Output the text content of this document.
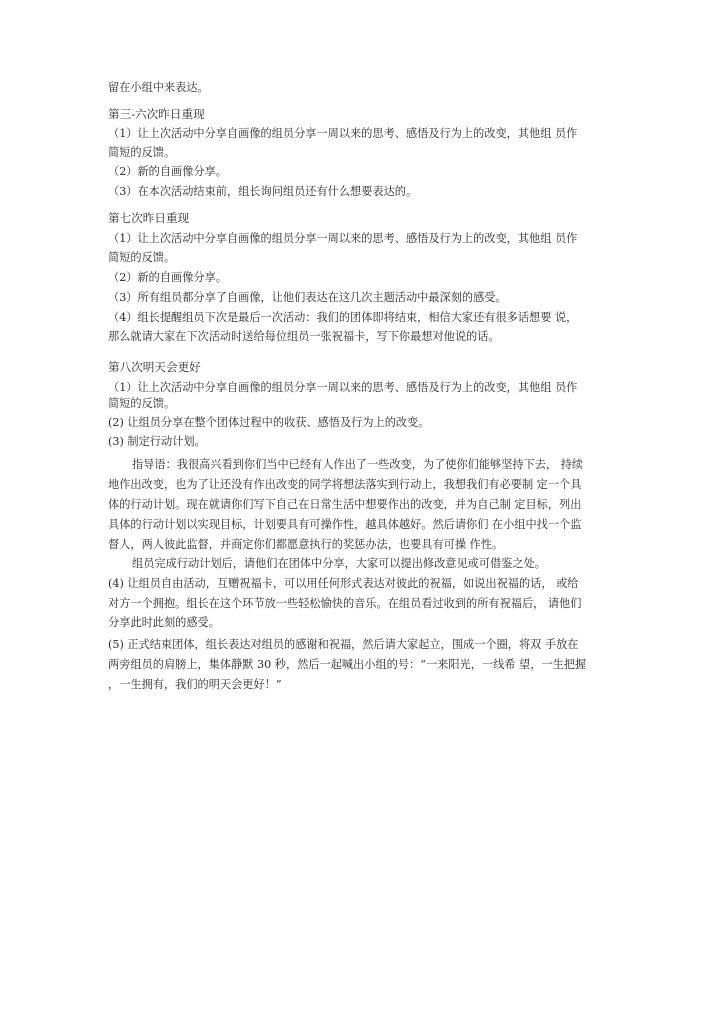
留在小组中来表达。
第三-六次昨日重现
（1）让上次活动中分享自画像的组员分享一周以来的思考、感悟及行为上的改变，其他组 员作
简短的反馈。
（2）新的自画像分享。
（3）在本次活动结束前，组长询问组员还有什么想要表达的。
第七次昨日重现
（1）让上次活动中分享自画像的组员分享一周以来的思考、感悟及行为上的改变，其他组 员作
简短的反馈。
（2）新的自画像分享。
（3）所有组员都分享了自画像，让他们表达在这几次主题活动中最深刻的感受。
（4）组长提醒组员下次是最后一次活动：我们的团体即将结束，相信大家还有很多话想要 说，
那么就请大家在下次活动时送给每位组员一张祝福卡，写下你最想对他说的话。
第八次明天会更好
（1）让上次活动中分享自画像的组员分享一周以来的思考、感悟及行为上的改变，其他组 员作
简短的反馈。
(2) 让组员分享在整个团体过程中的收获、感悟及行为上的改变。
(3) 制定行动计划。
指导语：我很高兴看到你们当中已经有人作出了一些改变，为了使你们能够坚持下去， 持续
地作出改变，也为了让还没有作出改变的同学将想法落实到行动上，我想我们有必要制 定一个具
体的行动计划。现在就请你们写下自己在日常生活中想要作出的改变，并为自己制 定目标，列出
具体的行动计划以实现目标，计划要具有可操作性，越具体越好。然后请你们 在小组中找一个监
督人，两人彼此监督，并商定你们都愿意执行的奖惩办法，也要具有可操 作性。
组员完成行动计划后，请他们在团体中分享，大家可以提出修改意见或可借鉴之处。
(4) 让组员自由活动，互赠祝福卡，可以用任何形式表达对彼此的祝福，如说出祝福的话， 或给
对方一个拥抱。组长在这个环节放一些轻松愉快的音乐。在组员看过收到的所有祝福后， 请他们
分享此时此刻的感受。
(5) 正式结束团体，组长表达对组员的感谢和祝福，然后请大家起立，围成一个圈，将双 手放在
两旁组员的肩膀上，集体静默 30 秒，然后一起喊出小组的号：“一来阳光，一线希 望，一生把握
，一生拥有，我们的明天会更好！”
